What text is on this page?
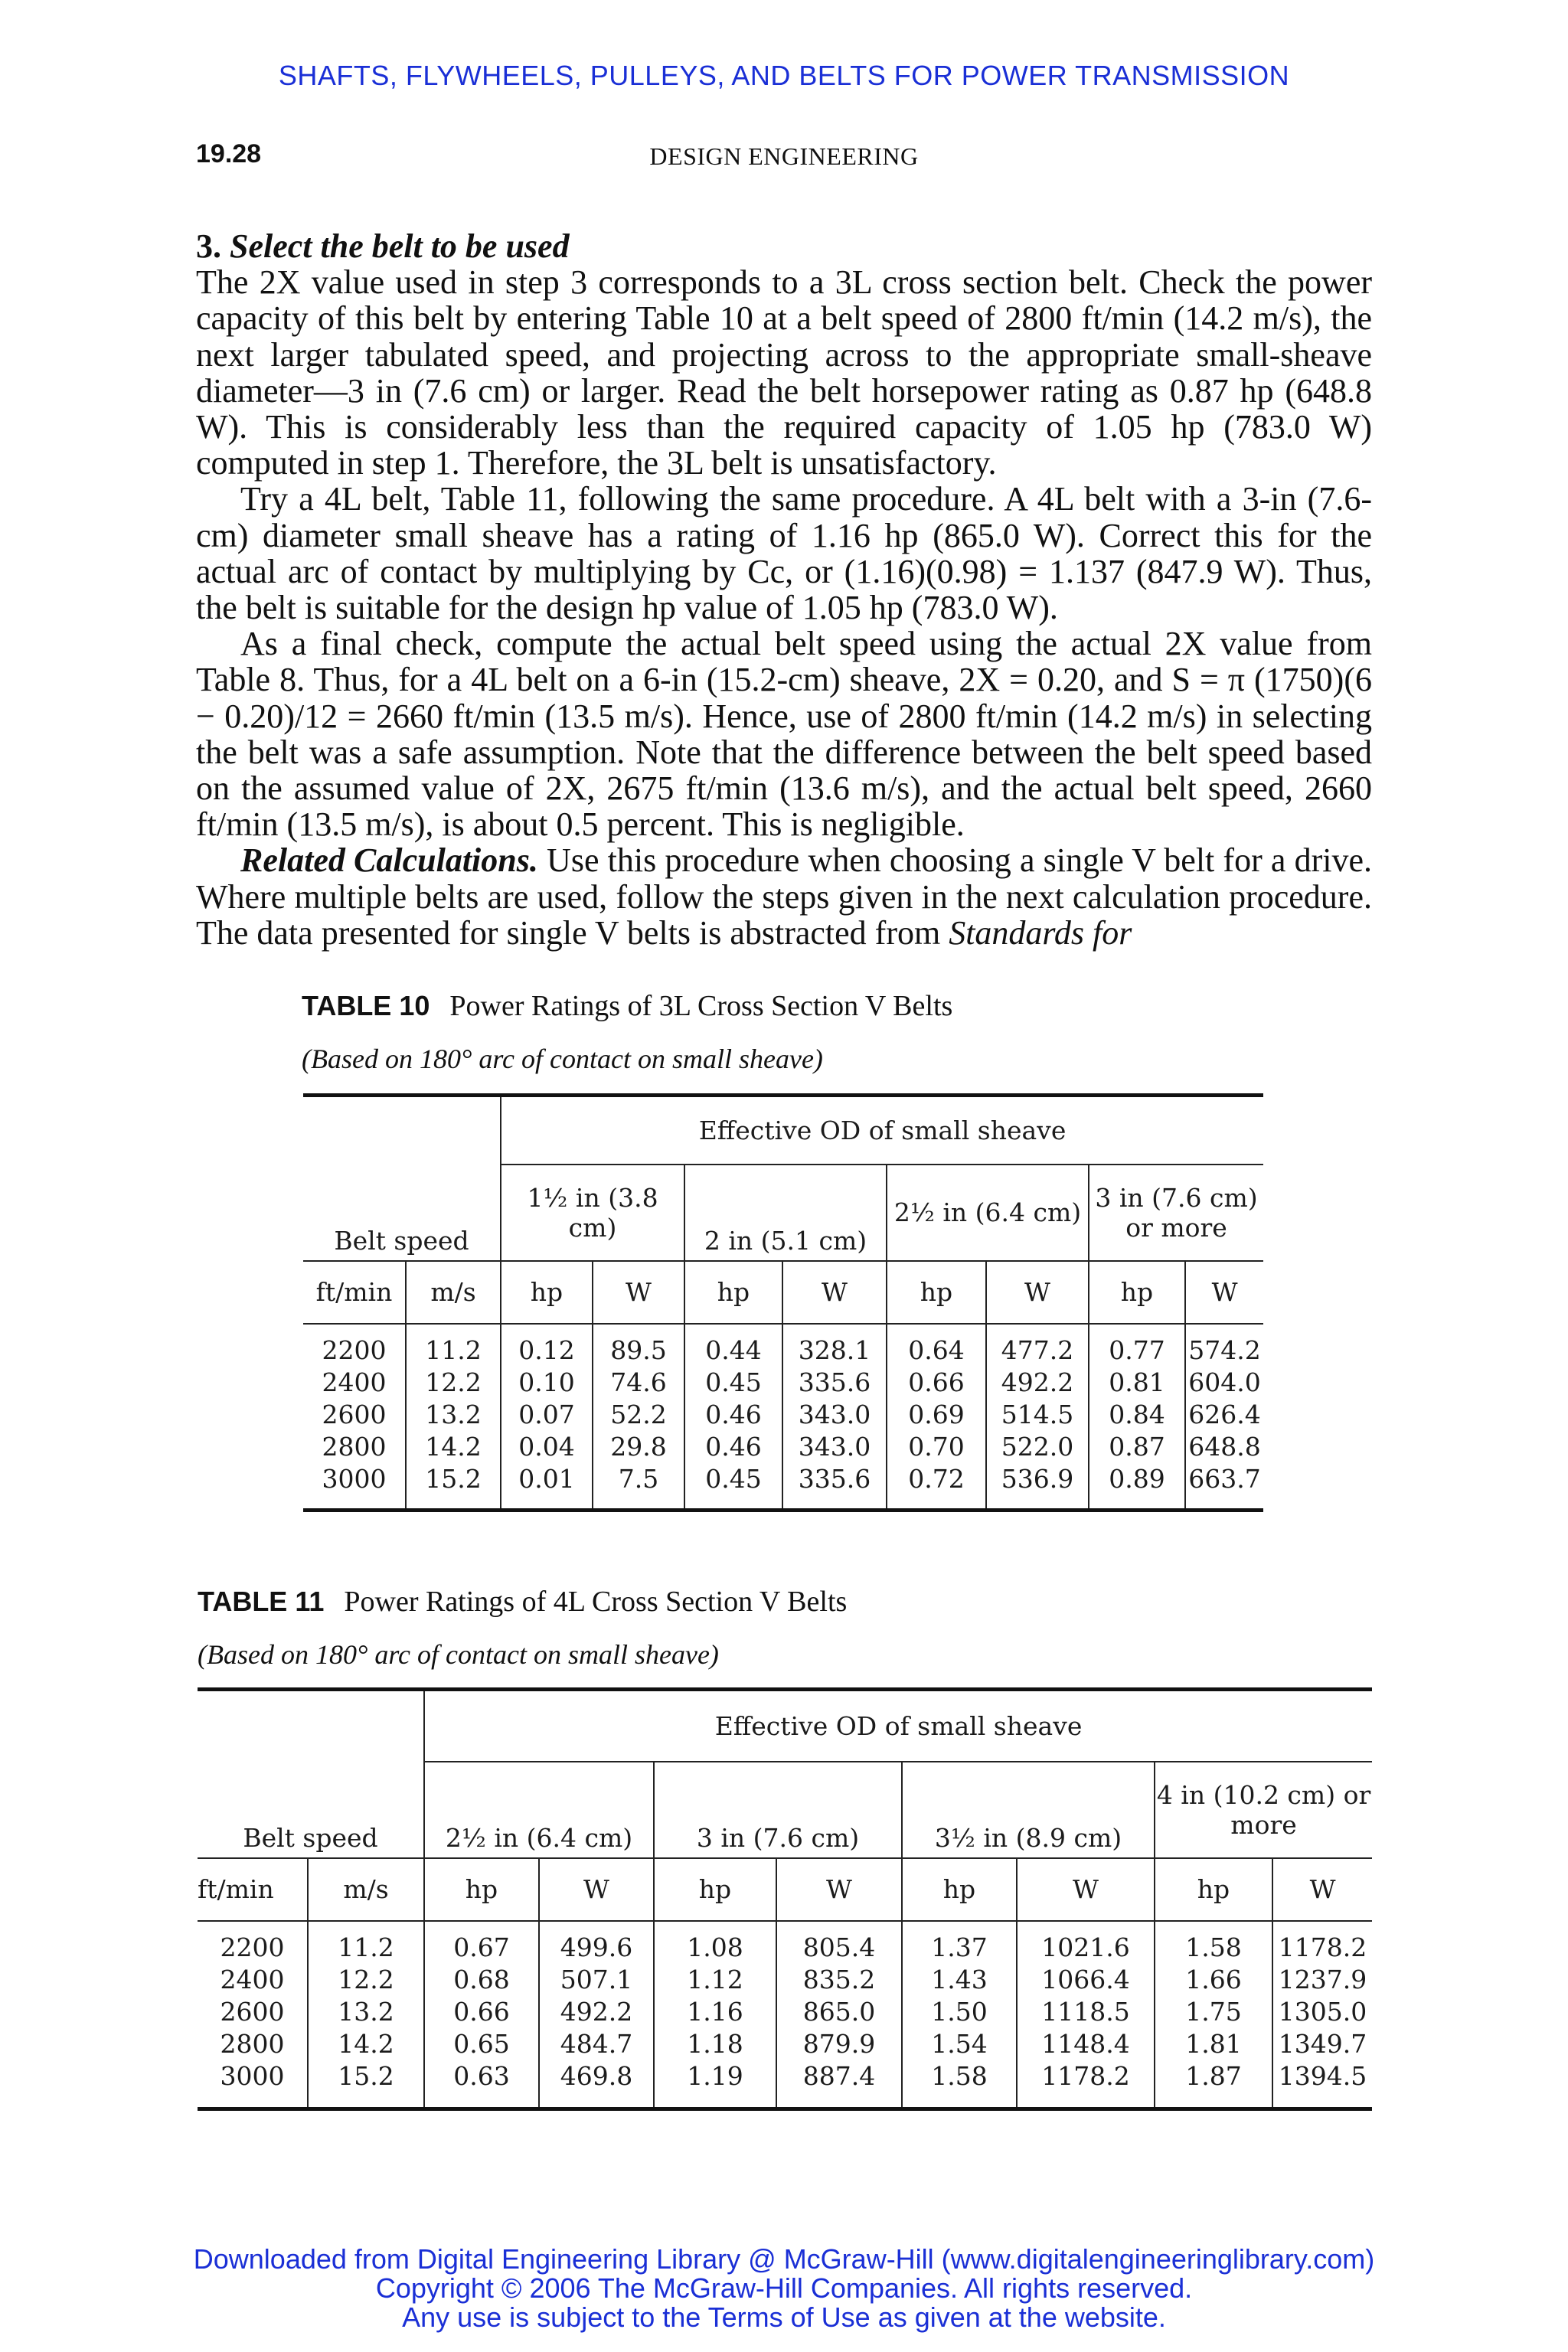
SHAFTS, FLYWHEELS, PULLEYS, AND BELTS FOR POWER TRANSMISSION
19.28	DESIGN ENGINEERING

3. Select the belt to be used

The 2X value used in step 3 corresponds to a 3L cross section belt. Check the power capacity of this belt by entering Table 10 at a belt speed of 2800 ft/min (14.2 m/s), the next larger tabulated speed, and projecting across to the appropriate small-sheave diameter—3 in (7.6 cm) or larger. Read the belt horsepower rating as 0.87 hp (648.8 W). This is considerably less than the required capacity of 1.05 hp (783.0 W) computed in step 1. Therefore, the 3L belt is unsatisfactory.

Try a 4L belt, Table 11, following the same procedure. A 4L belt with a 3-in (7.6-cm) diameter small sheave has a rating of 1.16 hp (865.0 W). Correct this for the actual arc of contact by multiplying by Cc, or (1.16)(0.98) = 1.137 (847.9 W). Thus, the belt is suitable for the design hp value of 1.05 hp (783.0 W).

As a final check, compute the actual belt speed using the actual 2X value from Table 8. Thus, for a 4L belt on a 6-in (15.2-cm) sheave, 2X = 0.20, and S = π (1750)(6 − 0.20)/12 = 2660 ft/min (13.5 m/s). Hence, use of 2800 ft/min (14.2 m/s) in selecting the belt was a safe assumption. Note that the difference between the belt speed based on the assumed value of 2X, 2675 ft/min (13.6 m/s), and the actual belt speed, 2660 ft/min (13.5 m/s), is about 0.5 percent. This is negligible.

Related Calculations. Use this procedure when choosing a single V belt for a drive. Where multiple belts are used, follow the steps given in the next calculation procedure. The data presented for single V belts is abstracted from Standards for

TABLE 10 Power Ratings of 3L Cross Section V Belts
(Based on 180° arc of contact on small sheave)
		Effective OD of small sheave							
Belt speed		1½ in (3.8 cm)		2 in (5.1 cm)		2½ in (6.4 cm)		3 in (7.6 cm) or more	
ft/min	m/s	hp	W	hp	W	hp	W	hp	W

2200	11.2	0.12	89.5	0.44	328.1	0.64	477.2	0.77	574.2
2400	12.2	0.10	74.6	0.45	335.6	0.66	492.2	0.81	604.0
2600	13.2	0.07	52.2	0.46	343.0	0.69	514.5	0.84	626.4
2800	14.2	0.04	29.8	0.46	343.0	0.70	522.0	0.87	648.8
3000	15.2	0.01	7.5	0.45	335.6	0.72	536.9	0.89	663.7

TABLE 11 Power Ratings of 4L Cross Section V Belts
(Based on 180° arc of contact on small sheave)
		Effective OD of small sheave							
Belt speed		2½ in (6.4 cm)		3 in (7.6 cm)		3½ in (8.9 cm)		4 in (10.2 cm) or more	
ft/min	m/s	hp	W	hp	W	hp	W	hp	W

2200	11.2	0.67	499.6	1.08	805.4	1.37	1021.6	1.58	1178.2
2400	12.2	0.68	507.1	1.12	835.2	1.43	1066.4	1.66	1237.9
2600	13.2	0.66	492.2	1.16	865.0	1.50	1118.5	1.75	1305.0
2800	14.2	0.65	484.7	1.18	879.9	1.54	1148.4	1.81	1349.7
3000	15.2	0.63	469.8	1.19	887.4	1.58	1178.2	1.87	1394.5

Downloaded from Digital Engineering Library @ McGraw-Hill (www.digitalengineeringlibrary.com)
Copyright © 2006 The McGraw-Hill Companies. All rights reserved.
Any use is subject to the Terms of Use as given at the website.
